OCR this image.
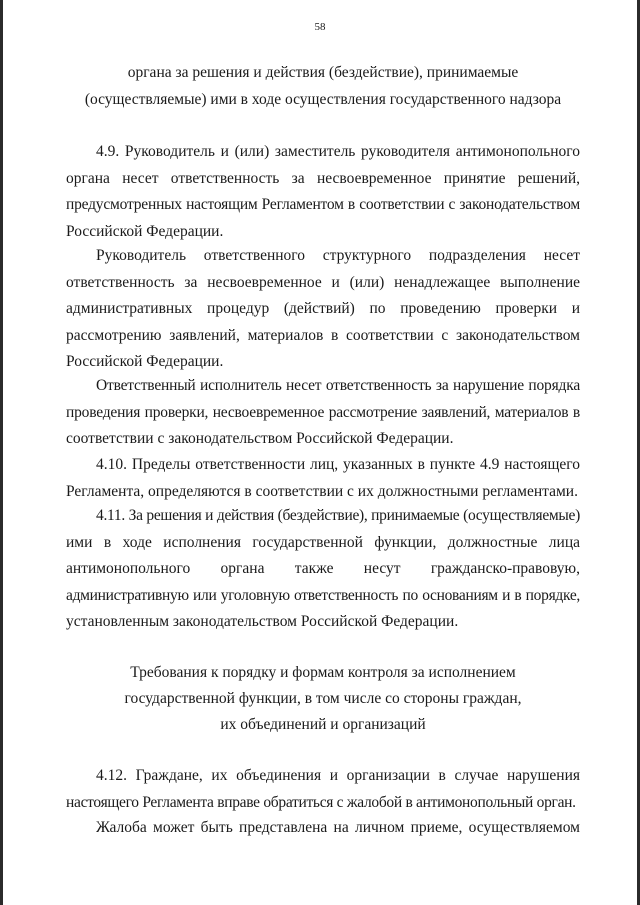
58
органа за решения и действия (бездействие), принимаемые
(осуществляемые) ими в ходе осуществления государственного надзора
4.9. Руководитель и (или) заместитель руководителя антимонопольного
органа несет ответственность за несвоевременное принятие решений,
предусмотренных настоящим Регламентом в соответствии с законодательством
Российской Федерации.
Руководитель ответственного структурного подразделения несет
ответственность за несвоевременное и (или) ненадлежащее выполнение
административных процедур (действий) по проведению проверки и
рассмотрению заявлений, материалов в соответствии с законодательством
Российской Федерации.
Ответственный исполнитель несет ответственность за нарушение порядка
проведения проверки, несвоевременное рассмотрение заявлений, материалов в
соответствии с законодательством Российской Федерации.
4.10. Пределы ответственности лиц, указанных в пункте 4.9 настоящего
Регламента, определяются в соответствии с их должностными регламентами.
4.11. За решения и действия (бездействие), принимаемые (осуществляемые)
ими в ходе исполнения государственной функции, должностные лица
антимонопольного органа также несут гражданско-правовую,
административную или уголовную ответственность по основаниям и в порядке,
установленным законодательством Российской Федерации.
Требования к порядку и формам контроля за исполнением
государственной функции, в том числе со стороны граждан,
их объединений и организаций
4.12. Граждане, их объединения и организации в случае нарушения
настоящего Регламента вправе обратиться с жалобой в антимонопольный орган.
Жалоба может быть представлена на личном приеме, осуществляемом
